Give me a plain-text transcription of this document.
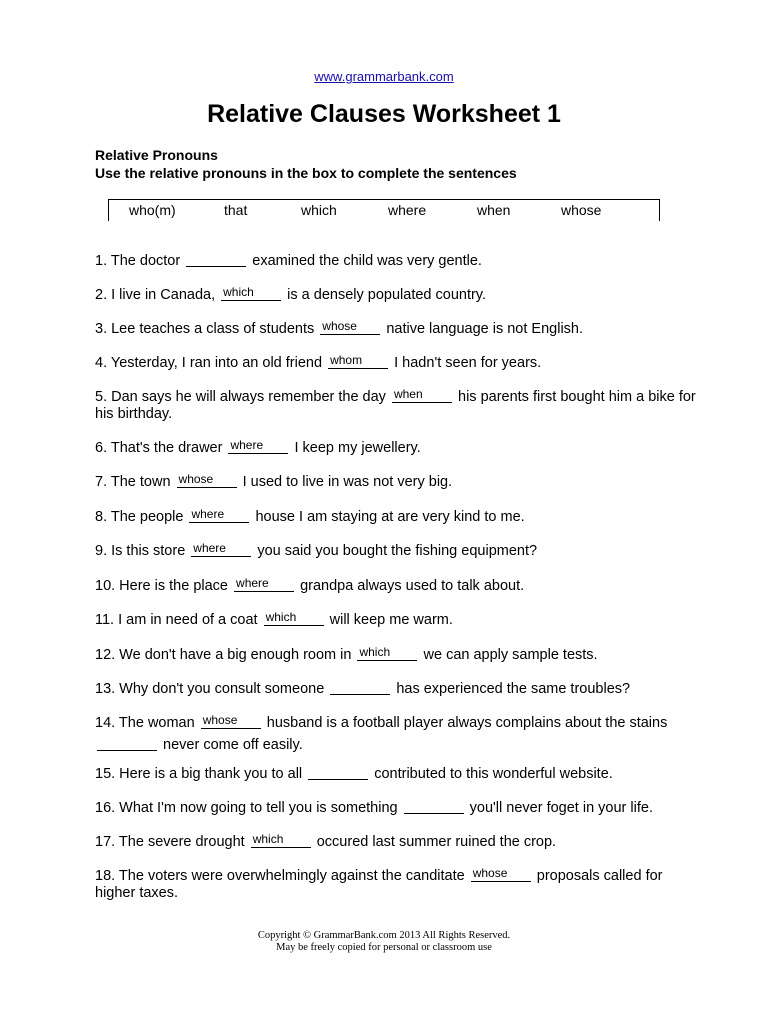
www.grammarbank.com
Relative Clauses Worksheet 1
Relative Pronouns
Use the relative pronouns in the box to complete the sentences
who(m)	that	which	where	when	whose
1. The doctor	examined the child was very gentle.
2. I live in Canada, which is a densely populated country.
3. Lee teaches a class of students whose native language is not English.
4. Yesterday, I ran into an old friend whom I hadn't seen for years.
5. Dan says he will always remember the day when his parents first bought him a bike for his birthday.
6. That's the drawer where I keep my jewellery.
7. The town whose I used to live in was not very big.
8. The people where house I am staying at are very kind to me.
9. Is this store where you said you bought the fishing equipment?
10. Here is the place where grandpa always used to talk about.
11. I am in need of a coat which will keep me warm.
12. We don't have a big enough room in which we can apply sample tests.
13. Why don't you consult someone	has experienced the same troubles?
14. The woman whose husband is a football player always complains about the stains
never come off easily.
15. Here is a big thank you to all	contributed to this wonderful website.
16. What I'm now going to tell you is something	you'll never foget in your life.
17. The severe drought which occured last summer ruined the crop.
18. The voters were overwhelmingly against the canditate whose proposals called for higher taxes.
Copyright © GrammarBank.com 2013 All Rights Reserved.
May be freely copied for personal or classroom use
